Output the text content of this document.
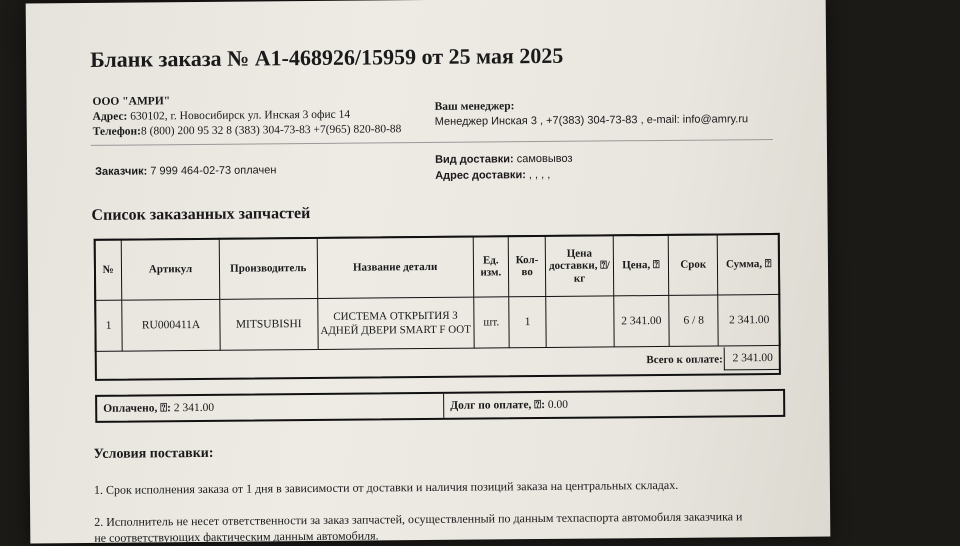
Бланк заказа № А1-468926/15959 от 25 мая 2025
ООО "АМРИ"
Адрес: 630102, г. Новосибирск ул. Инская 3 офис 14
Телефон:8 (800) 200 95 32 8 (383) 304-73-83 +7(965) 820-80-88
Ваш менеджер:
Менеджер Инская 3 , +7(383) 304-73-83 , e-mail: info@amry.ru
Заказчик: 7 999 464-02-73 оплачен
Вид доставки: самовывоз
Адрес доставки: , , , ,
Список заказанных запчастей
№	Артикул	Производитель	Название детали	Ед. изм.	Кол-во	Цена доставки, ⍰/кг	Цена, ⍰	Срок	Сумма, ⍰
1	RU000411A	MITSUBISHI	СИСТЕМА ОТКРЫТИЯ З АДНЕЙ ДВЕРИ SMART F OOT	шт.	1		2 341.00	6 / 8	2 341.00
Всего к оплате: 2 341.00
Оплачено, ⍰: 2 341.00	Долг по оплате, ⍰: 0.00
Условия поставки:
1. Срок исполнения заказа от 1 дня в зависимости от доставки и наличия позиций заказа на центральных складах.
2. Исполнитель не несет ответственности за заказ запчастей, осуществленный по данным техпаспорта автомобиля заказчика и
не соответствующих фактическим данным автомобиля.
